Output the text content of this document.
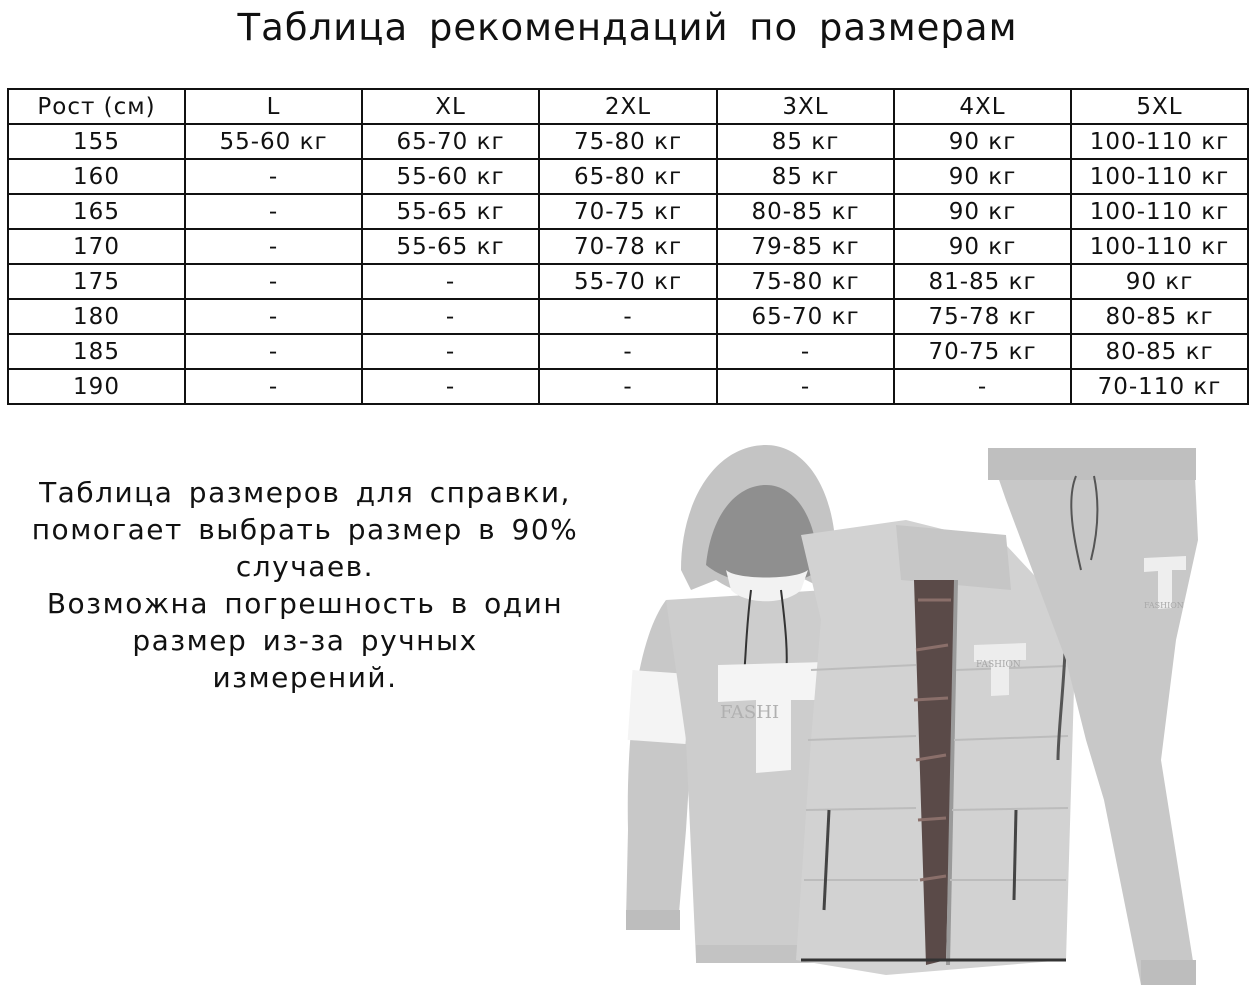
Таблица рекомендаций по размерам
Рост (см)	L	XL	2XL	3XL	4XL	5XL
155	55-60 кг	65-70 кг	75-80 кг	85 кг	90 кг	100-110 кг
160	-	55-60 кг	65-80 кг	85 кг	90 кг	100-110 кг
165	-	55-65 кг	70-75 кг	80-85 кг	90 кг	100-110 кг
170	-	55-65 кг	70-78 кг	79-85 кг	90 кг	100-110 кг
175	-	-	55-70 кг	75-80 кг	81-85 кг	90 кг
180	-	-	-	65-70 кг	75-78 кг	80-85 кг
185	-	-	-	-	70-75 кг	80-85 кг
190	-	-	-	-	-	70-110 кг
Таблица размеров для справки,
помогает выбрать размер в 90%
случаев.
Возможна погрешность в один
размер из-за ручных
измерений.
FASHI
FASHION
FASHION
